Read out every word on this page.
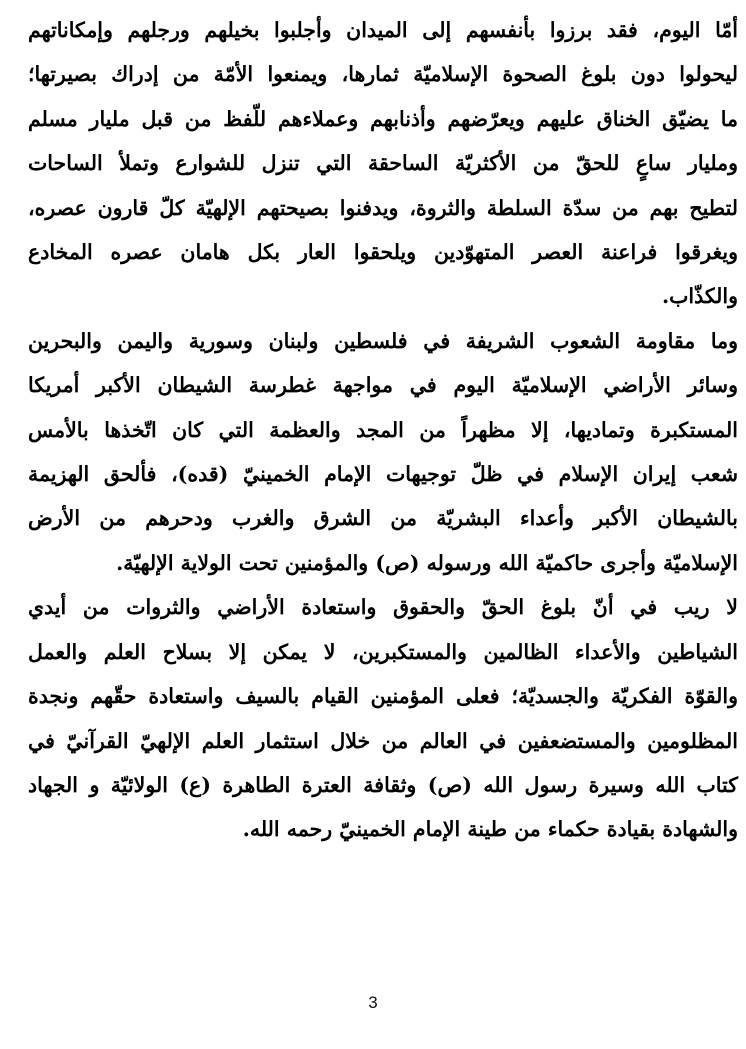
أمّا اليوم، فقد برزوا بأنفسهم إلى الميدان وأجلبوا بخيلهم ورجلهم وإمكاناتهم
ليحولوا دون بلوغ الصحوة الإسلاميّة ثمارها، ويمنعوا الأمّة من إدراك بصيرتها؛
ما يضيّق الخناق عليهم ويعرّضهم وأذنابهم وعملاءهم للّفظ من قبل مليار مسلم
ومليار ساعٍ للحقّ من الأكثريّة الساحقة التي تنزل للشوارع وتملأ الساحات
لتطيح بهم من سدّة السلطة والثروة، ويدفنوا بصيحتهم الإلهيّة كلّ قارون عصره،
ويغرقوا فراعنة العصر المتهوّدين ويلحقوا العار بكل هامان عصره المخادع
والكذّاب.
وما مقاومة الشعوب الشريفة في فلسطين ولبنان وسورية واليمن والبحرين
وسائر الأراضي الإسلاميّة اليوم في مواجهة غطرسة الشيطان الأكبر أمريكا
المستكبرة وتماديها، إلا مظهراً من المجد والعظمة التي كان اتّخذها بالأمس
شعب إيران الإسلام في ظلّ توجيهات الإمام الخمينيّ (قده)، فألحق الهزيمة
بالشيطان الأكبر وأعداء البشريّة من الشرق والغرب ودحرهم من الأرض
الإسلاميّة وأجرى حاكميّة الله ورسوله (ص) والمؤمنين تحت الولاية الإلهيّة.
لا ريب في أنّ بلوغ الحقّ والحقوق واستعادة الأراضي والثروات من أيدي
الشياطين والأعداء الظالمين والمستكبرين، لا يمكن إلا بسلاح العلم والعمل
والقوّة الفكريّة والجسديّة؛ فعلى المؤمنين القيام بالسيف واستعادة حقّهم ونجدة
المظلومين والمستضعفين في العالم من خلال استثمار العلم الإلهيّ القرآنيّ في
كتاب الله وسيرة رسول الله (ص) وثقافة العترة الطاهرة (ع) الولائيّة و الجهاد
والشهادة بقيادة حكماء من طينة الإمام الخمينيّ رحمه الله.
3
